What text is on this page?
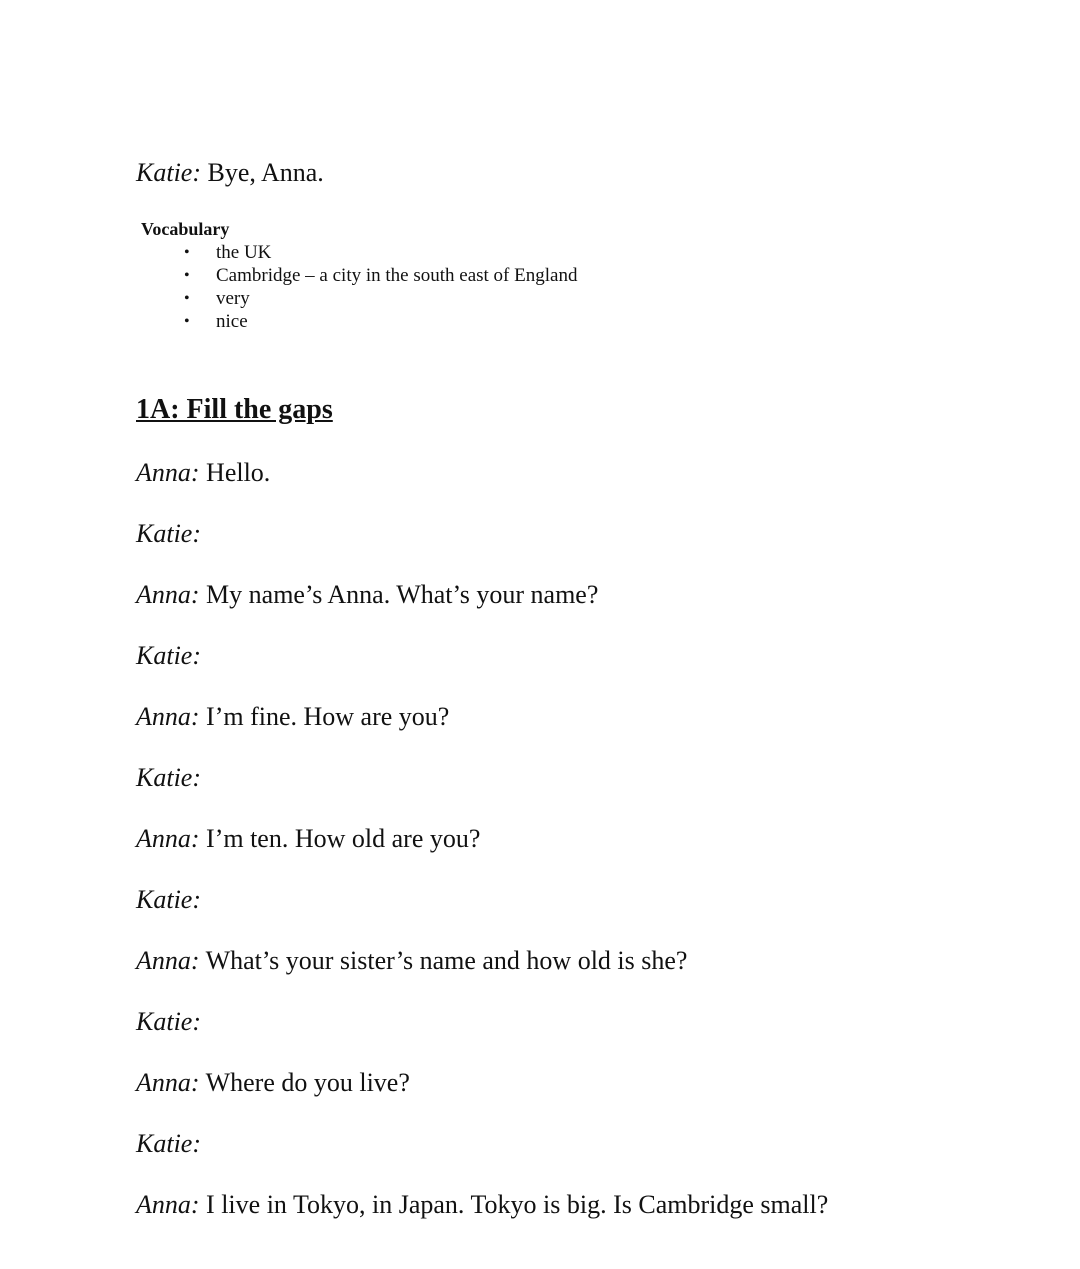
Katie: Bye, Anna.
Vocabulary
• the UK
• Cambridge – a city in the south east of England
• very
• nice
1A: Fill the gaps
Anna: Hello.
Katie:
Anna: My name’s Anna. What’s your name?
Katie:
Anna: I’m fine. How are you?
Katie:
Anna: I’m ten. How old are you?
Katie:
Anna: What’s your sister’s name and how old is she?
Katie:
Anna: Where do you live?
Katie:
Anna: I live in Tokyo, in Japan. Tokyo is big. Is Cambridge small?
